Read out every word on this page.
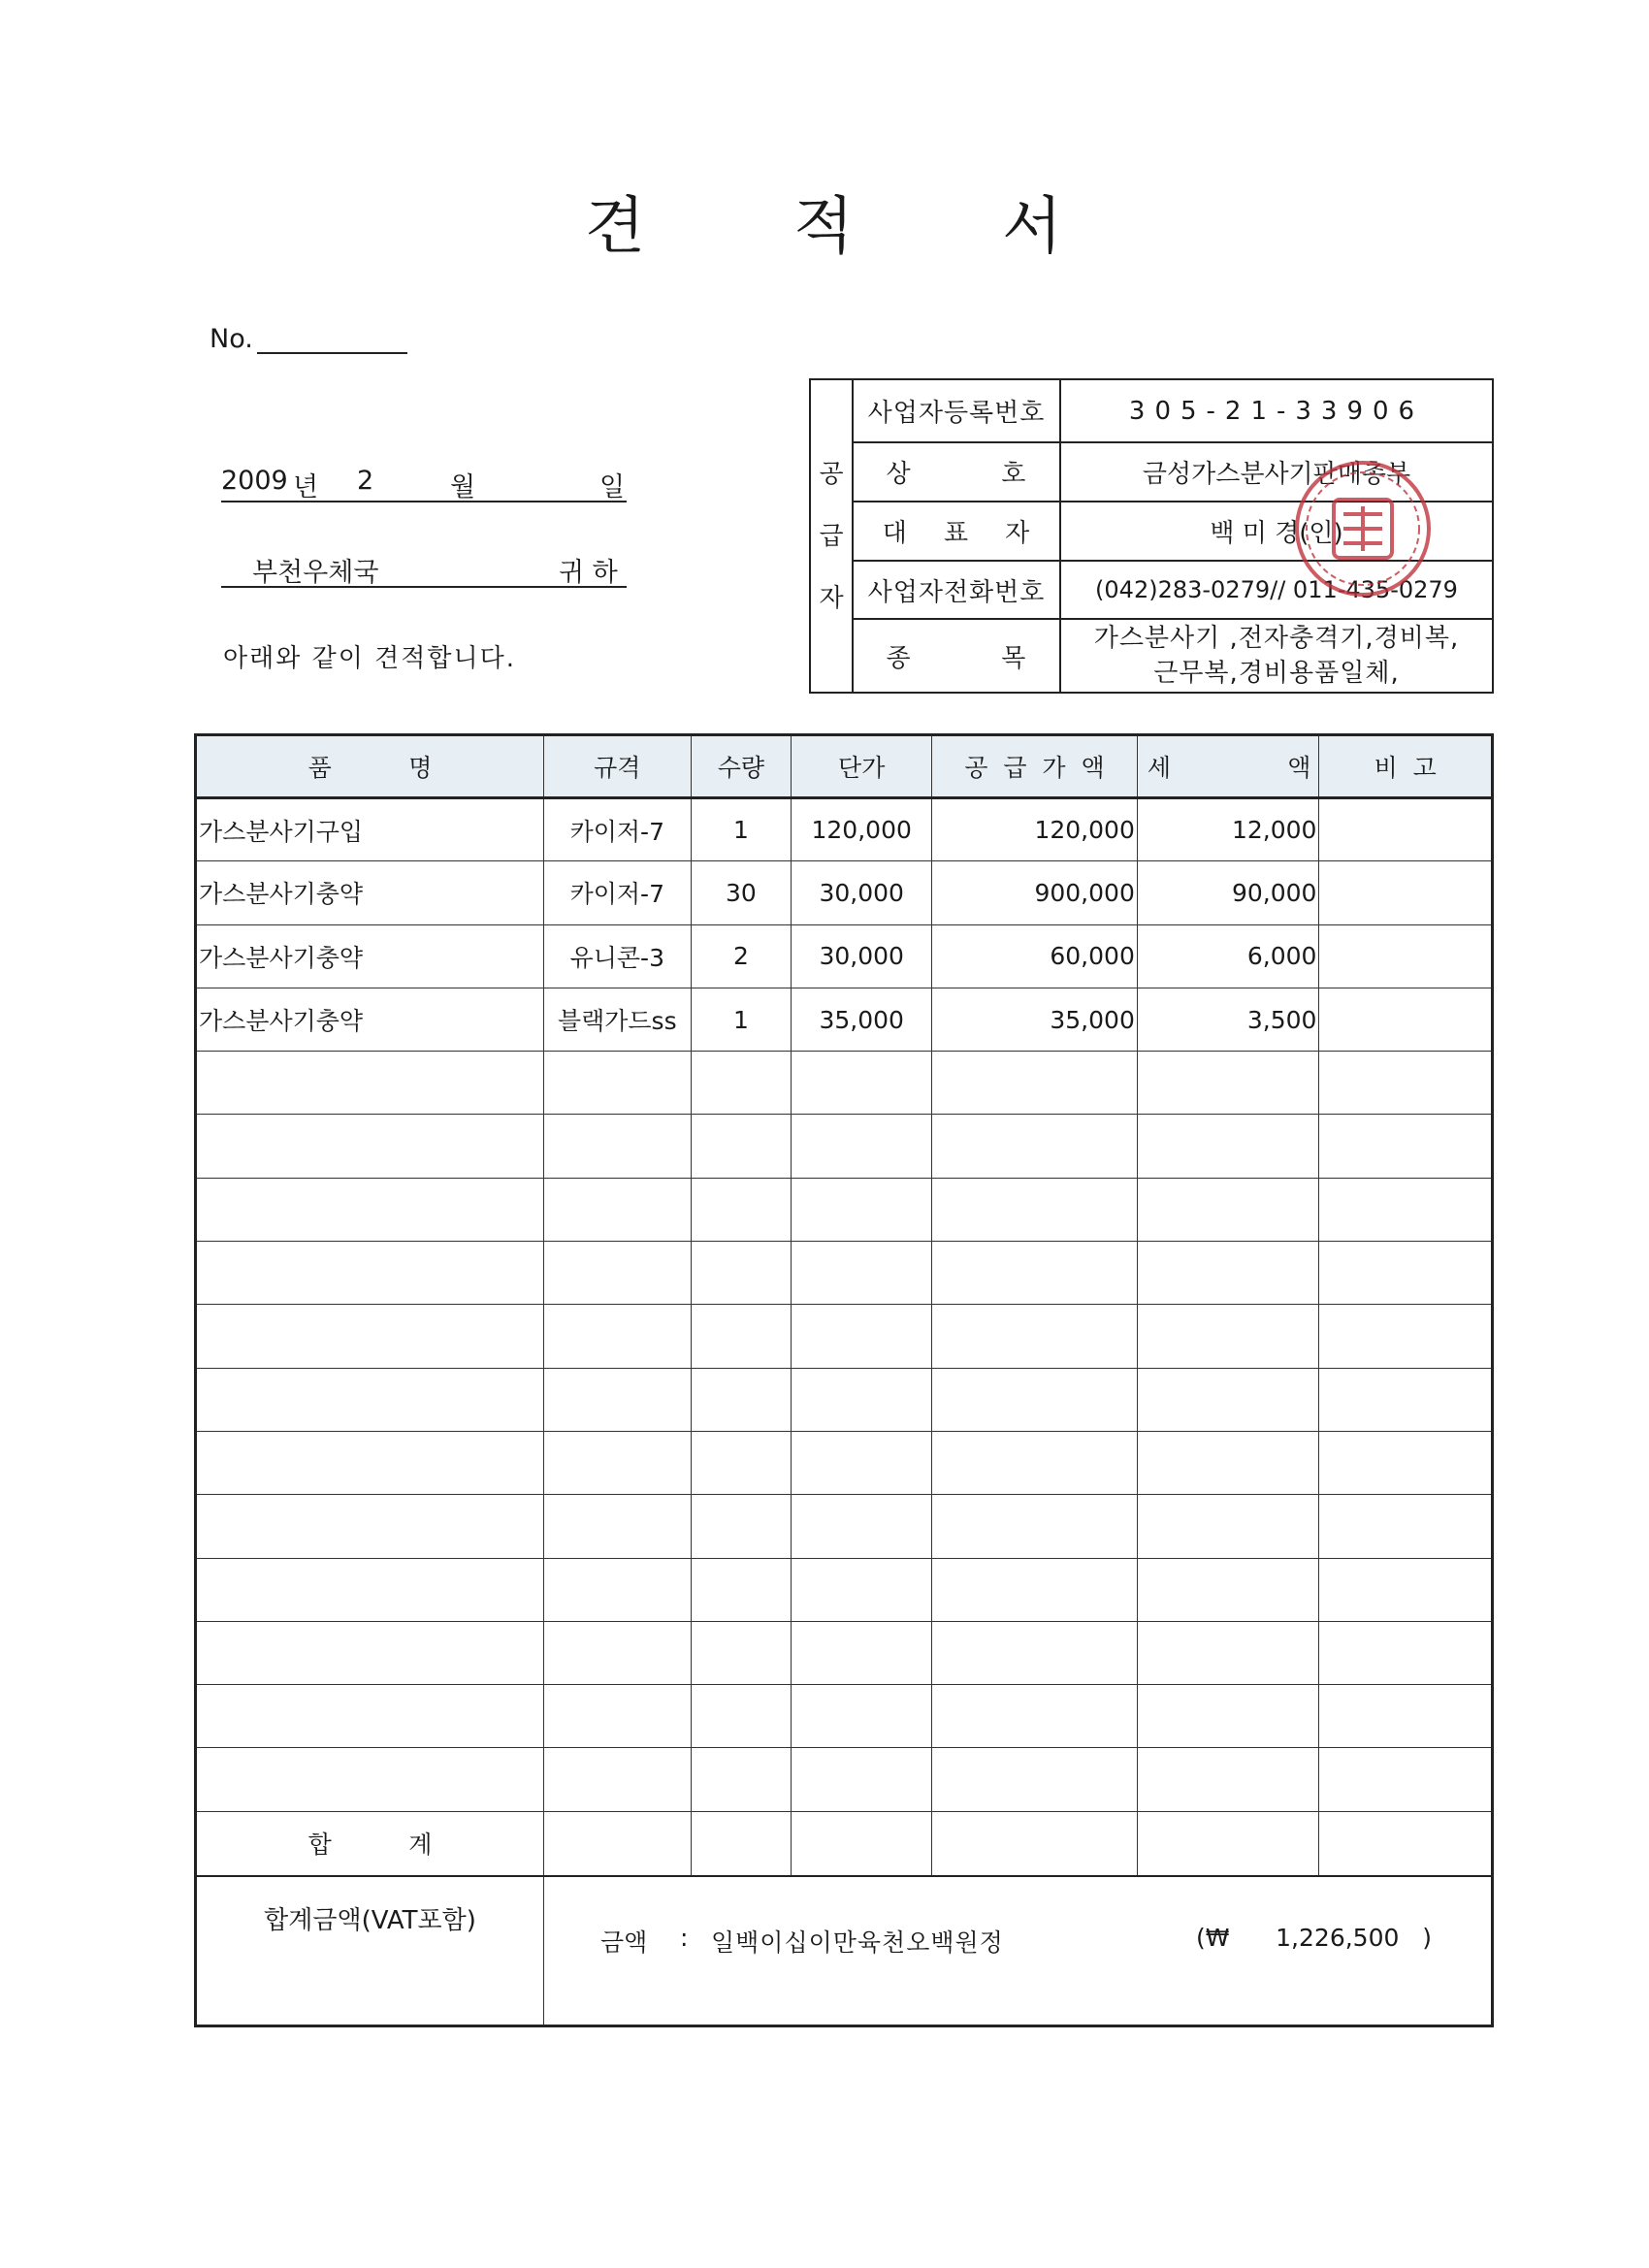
견 적 서
No.
2009 년 2	월	일
부천우체국	귀 하
아래와 같이 견적합니다.
공
급
자	사업자등록번호	305-21-33906
	상          호	금성가스분사기판매총부
	대    표    자	백 미 경(인)
	사업자전화번호	(042)283-0279// 011-435-0279
	종          목	가스분사기 ,전자충격기,경비복,
근무복,경비용품일체,
품          명	규격	수량	단가	공  급  가  액	세 액	비  고
가스분사기구입	카이저-7	1	120,000	120,000	12,000	
가스분사기충약	카이저-7	30	30,000	900,000	90,000	
가스분사기충약	유니콘-3	2	30,000	60,000	6,000	
가스분사기충약	블랙가드ss	1	35,000	35,000	3,500	

합          계						
합계금액(VAT포함)	금액 : 일백이십이만육천오백원정 (₩      1,226,500   )					
